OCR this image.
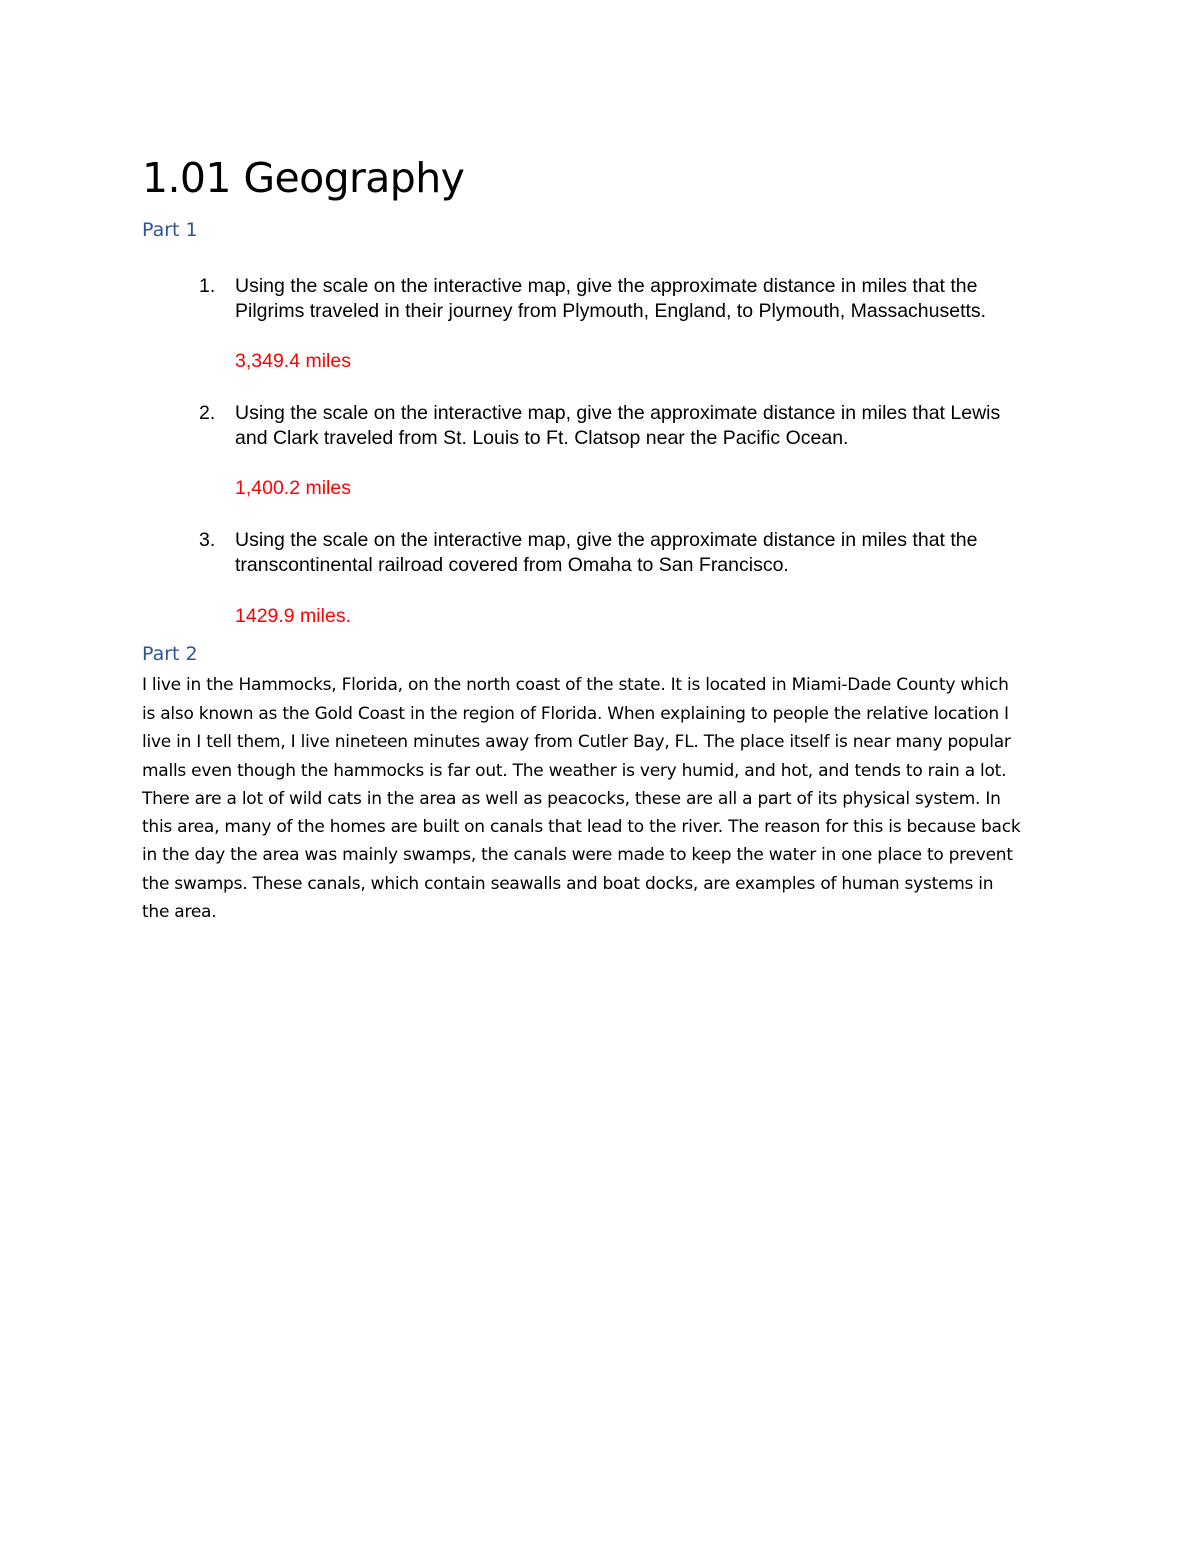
1.01 Geography
Part 1
1. Using the scale on the interactive map, give the approximate distance in miles that the
Pilgrims traveled in their journey from Plymouth, England, to Plymouth, Massachusetts.
3,349.4 miles
2. Using the scale on the interactive map, give the approximate distance in miles that Lewis
and Clark traveled from St. Louis to Ft. Clatsop near the Pacific Ocean.
1,400.2 miles
3. Using the scale on the interactive map, give the approximate distance in miles that the
transcontinental railroad covered from Omaha to San Francisco.
1429.9 miles.
Part 2
I live in the Hammocks, Florida, on the north coast of the state. It is located in Miami-Dade County which
is also known as the Gold Coast in the region of Florida. When explaining to people the relative location I
live in I tell them, I live nineteen minutes away from Cutler Bay, FL. The place itself is near many popular
malls even though the hammocks is far out. The weather is very humid, and hot, and tends to rain a lot.
There are a lot of wild cats in the area as well as peacocks, these are all a part of its physical system. In
this area, many of the homes are built on canals that lead to the river. The reason for this is because back
in the day the area was mainly swamps, the canals were made to keep the water in one place to prevent
the swamps. These canals, which contain seawalls and boat docks, are examples of human systems in
the area.
